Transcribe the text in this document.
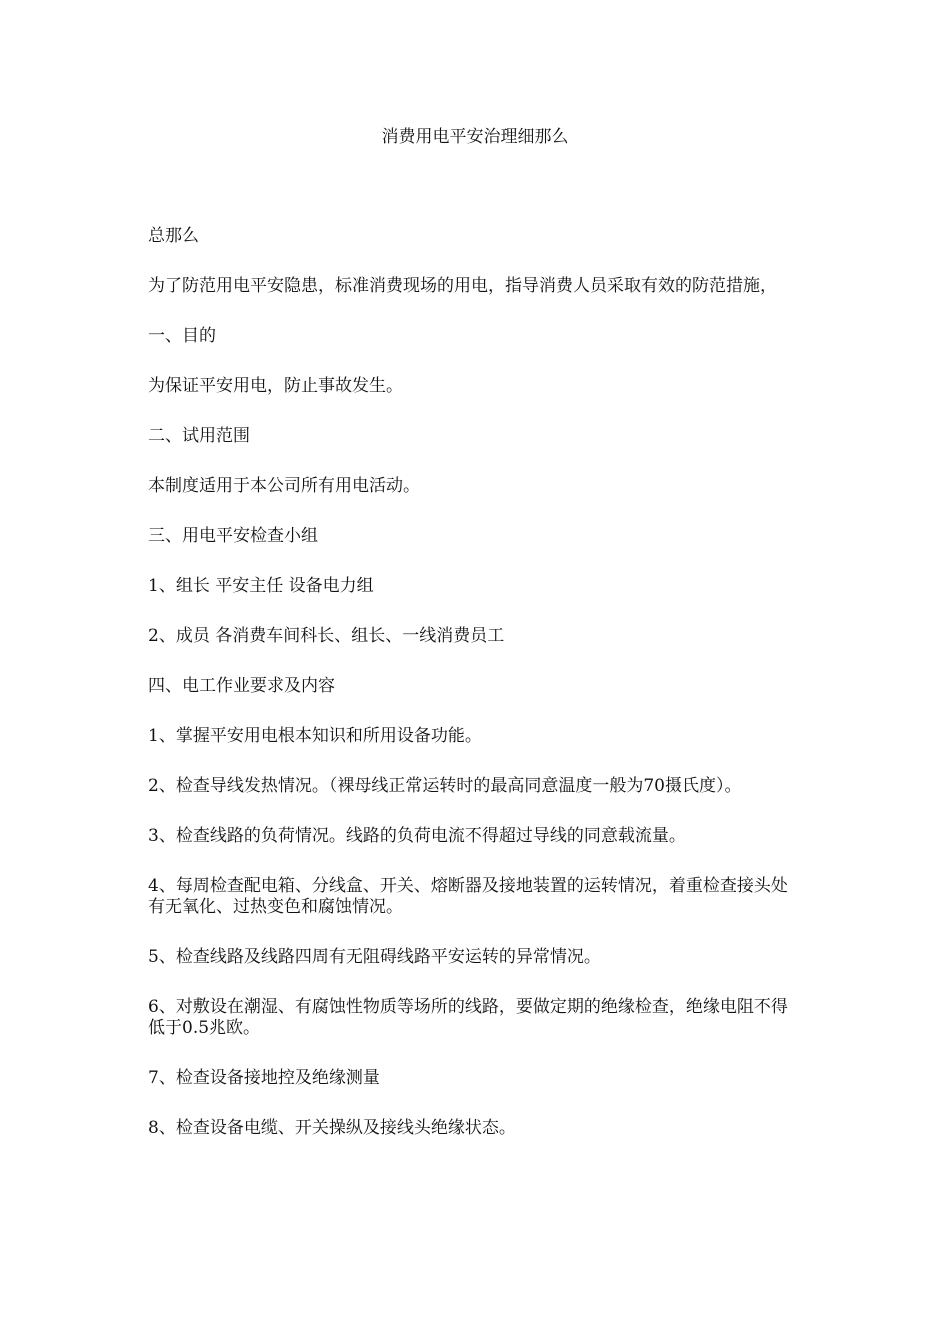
消费用电平安治理细那么

总那么

为了防范用电平安隐患，标准消费现场的用电，指导消费人员采取有效的防范措施，

一、目的

为保证平安用电，防止事故发生。

二、试用范围

本制度适用于本公司所有用电活动。

三、用电平安检查小组

1、组长 平安主任 设备电力组

2、成员 各消费车间科长、组长、一线消费员工

四、电工作业要求及内容

1、掌握平安用电根本知识和所用设备功能。

2、检查导线发热情况。（裸母线正常运转时的最高同意温度一般为70摄氏度）。

3、检查线路的负荷情况。线路的负荷电流不得超过导线的同意载流量。

4、每周检查配电箱、分线盒、开关、熔断器及接地装置的运转情况，着重检查接头处有无氧化、过热变色和腐蚀情况。

5、检查线路及线路四周有无阻碍线路平安运转的异常情况。

6、对敷设在潮湿、有腐蚀性物质等场所的线路，要做定期的绝缘检查，绝缘电阻不得低于0.5兆欧。

7、检查设备接地控及绝缘测量

8、检查设备电缆、开关操纵及接线头绝缘状态。
